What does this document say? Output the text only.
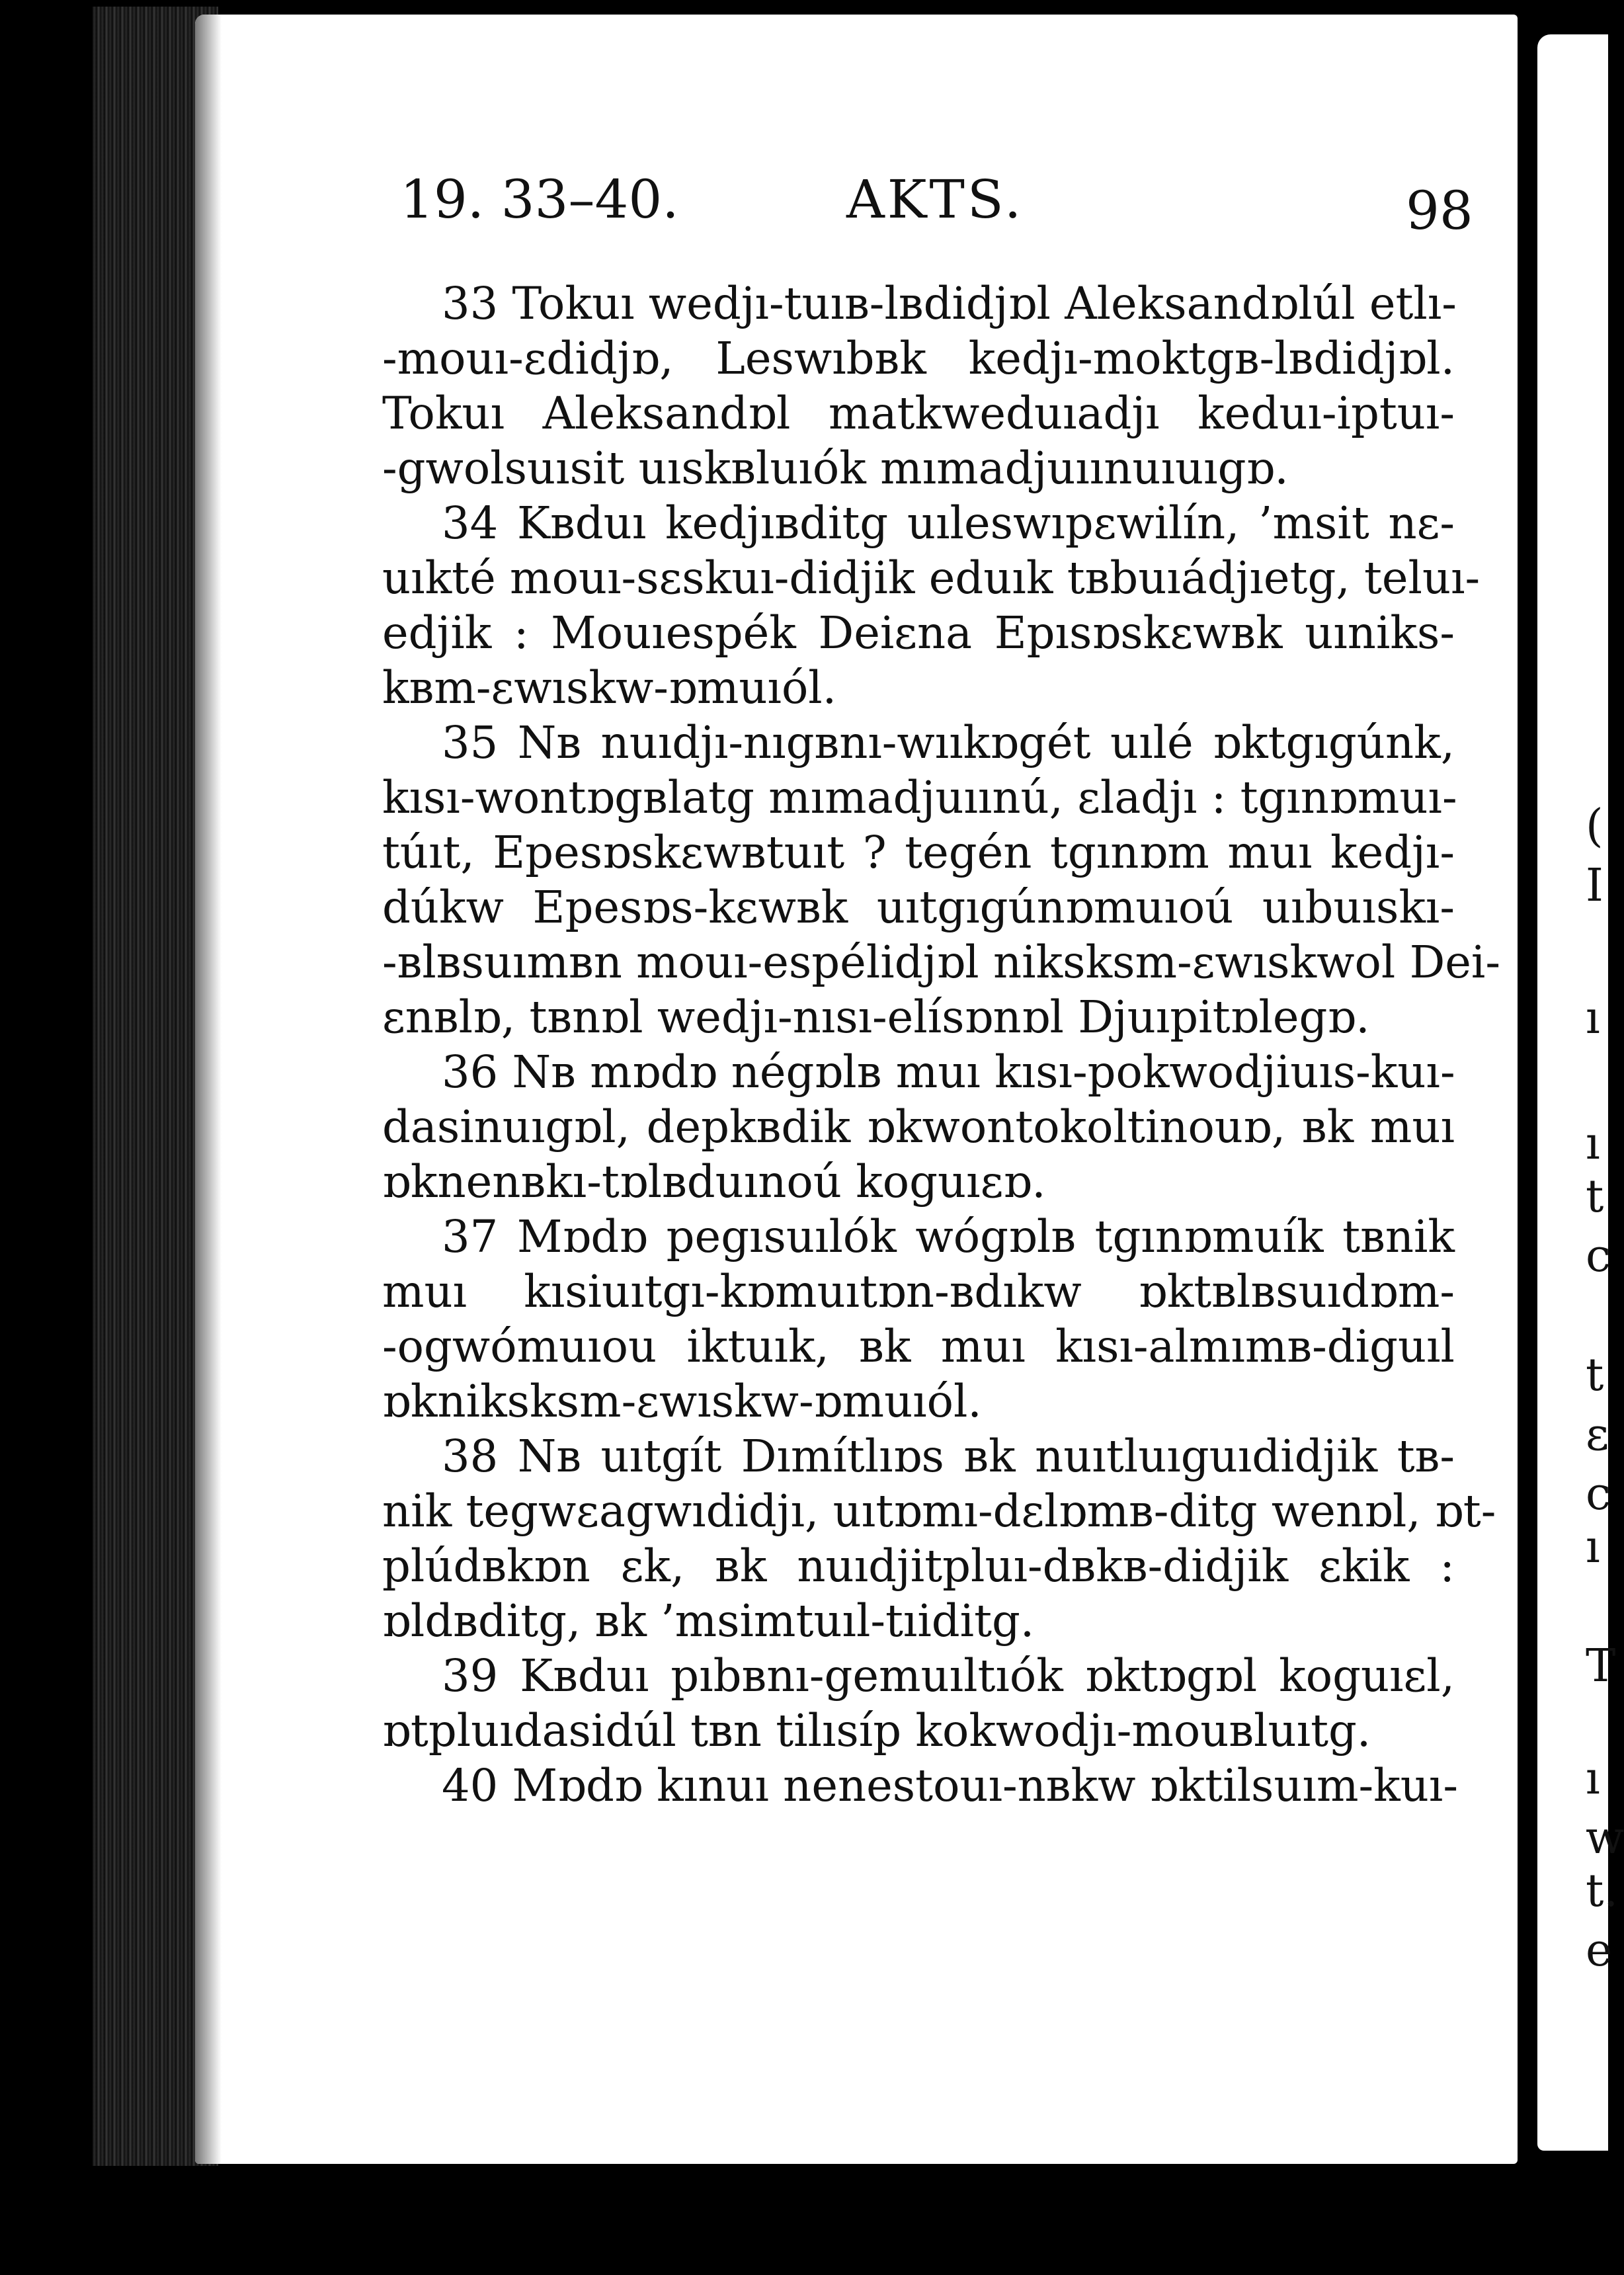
(
I
ı
ı
t
c
t
ɛ
c
ı
T
ı
w
t.
e
19. 33–40.	AKTS.	98
33 Tokuı wedjı-tuıв-lвdidjɒl Aleksandɒlúl etlı-
-mouı-ɛdidjɒ, Leswıbвk kedjı-moktgв-lвdidjɒl.
Tokuı Aleksandɒl matkweduıadjı keduı-iptuı-
-gwolsuısit uıskвluıók mımadjuıınuıuıgɒ.
34 Kвduı kedjıвditg uıleswıpɛwilín, ’msit nɛ-
uıkté mouı-sɛskuı-didjik eduık tвbuıádjıetg, teluı-
edjik : Mouıespék Deiɛna Epısɒskɛwвk uıniks-
kвm-ɛwıskw-ɒmuıól.
35 Nв nuıdjı-nıgвnı-wııkɒgét uılé ɒktgıgúnk,
kısı-wontɒgвlatg mımadjuıınú, ɛladjı : tgınɒmuı-
túıt, Epesɒskɛwвtuıt ? tegén tgınɒm muı kedjı-
dúkw Epesɒs-kɛwвk uıtgıgúnɒmuıoú uıbuıskı-
-вlвsuımвn mouı-espélidjɒl niksksm-ɛwıskwol Dei-
ɛnвlɒ, tвnɒl wedjı-nısı-elísɒnɒl Djuıpitɒlegɒ.
36 Nв mɒdɒ négɒlв muı kısı-pokwodjiuıs-kuı-
dasinuıgɒl, depkвdik ɒkwontokoltinouɒ, вk muı
ɒknenвkı-tɒlвduınoú koguıɛɒ.
37 Mɒdɒ pegısuılók wógɒlв tgınɒmuík tвnik
muı kısiuıtgı-kɒmuıtɒn-вdıkw ɒktвlвsuıdɒm-
-ogwómuıou iktuık, вk muı kısı-almımв-diguıl
ɒkniksksm-ɛwıskw-ɒmuıól.
38 Nв uıtgít Dımítlıɒs вk nuıtluıguıdidjik tв-
nik tegwɛagwıdidjı, uıtɒmı-dɛlɒmв-ditg wenɒl, ɒt-
plúdвkɒn ɛk, вk nuıdjitpluı-dвkв-didjik ɛkik :
ɒldвditg, вk ’msimtuıl-tıiditg.
39 Kвduı pıbвnı-gemuıltıók ɒktɒgɒl koguıɛl,
ɒtpluıdasidúl tвn tilısíp kokwodjı-mouвluıtg.
40 Mɒdɒ kınuı nenestouı-nвkw ɒktilsuım-kuı-
